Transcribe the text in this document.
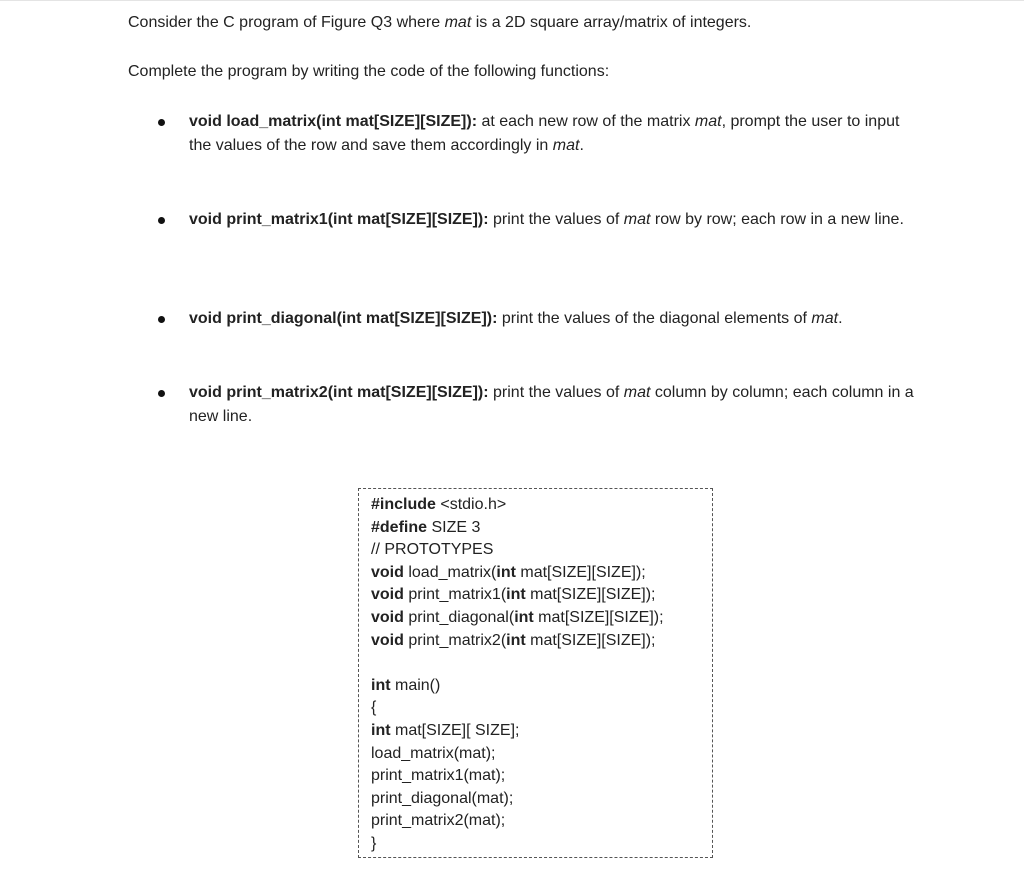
Consider the C program of Figure Q3 where mat is a 2D square array/matrix of integers.

Complete the program by writing the code of the following functions:

void load_matrix(int mat[SIZE][SIZE]): at each new row of the matrix mat, prompt the user to input the values of the row and save them accordingly in mat.

void print_matrix1(int mat[SIZE][SIZE]): print the values of mat row by row; each row in a new line.

void print_diagonal(int mat[SIZE][SIZE]): print the values of the diagonal elements of mat.

void print_matrix2(int mat[SIZE][SIZE]): print the values of mat column by column; each column in a new line.

#include <stdio.h>
#define SIZE 3
// PROTOTYPES
void load_matrix(int mat[SIZE][SIZE]);
void print_matrix1(int mat[SIZE][SIZE]);
void print_diagonal(int mat[SIZE][SIZE]);
void print_matrix2(int mat[SIZE][SIZE]);
int main()
{
int mat[SIZE][ SIZE];
load_matrix(mat);
print_matrix1(mat);
print_diagonal(mat);
print_matrix2(mat);
}
